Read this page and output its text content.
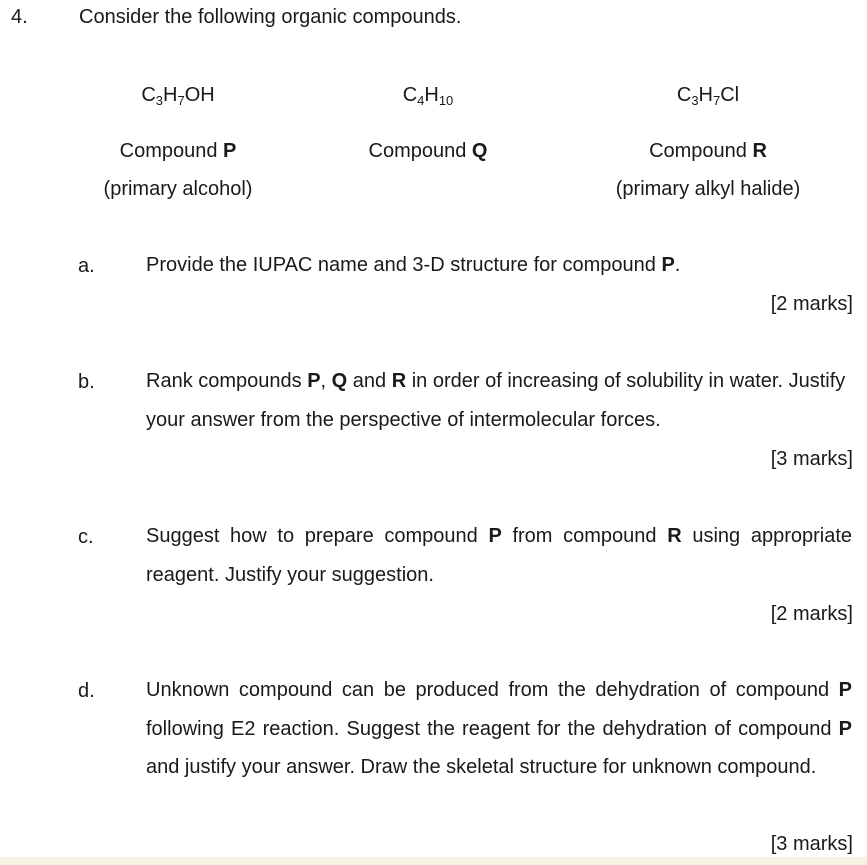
4.	Consider the following organic compounds.
$C_3H_7OH$
Compound P
(primary alcohol)
$C_4H_{10}$
Compound Q
$C_3H_7Cl$
Compound R
(primary alkyl halide)
a.	Provide the IUPAC name and 3-D structure for compound P.
[2 marks]
b.	Rank compounds P, Q and R in order of increasing of solubility in water. Justify your answer from the perspective of intermolecular forces.
[3 marks]
c.	Suggest how to prepare compound P from compound R using appropriate reagent. Justify your suggestion.
[2 marks]
d.	Unknown compound can be produced from the dehydration of compound P following E2 reaction. Suggest the reagent for the dehydration of compound P and justify your answer. Draw the skeletal structure for unknown compound.
[3 marks]
